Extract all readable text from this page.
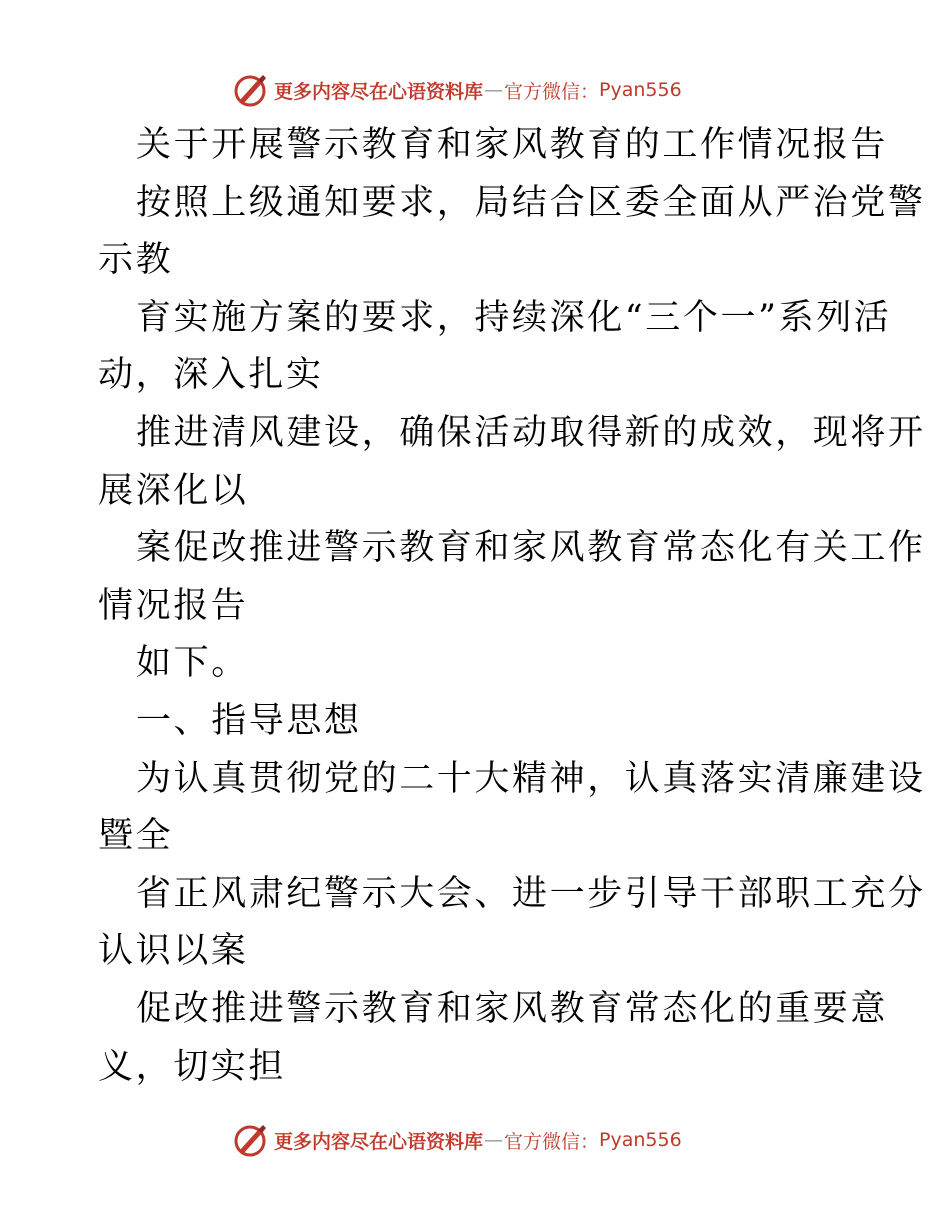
更多内容尽在心语资料库 — 官方微信： Pyan556

关于开展警示教育和家风教育的工作情况报告

按照上级通知要求，局结合区委全面从严治党警

示教

育实施方案的要求，持续深化“三个一”系列活

动，深入扎实

推进清风建设，确保活动取得新的成效，现将开

展深化以

案促改推进警示教育和家风教育常态化有关工作

情况报告

如下。

一、指导思想

为认真贯彻党的二十大精神，认真落实清廉建设

暨全

省正风肃纪警示大会、进一步引导干部职工充分

认识以案

促改推进警示教育和家风教育常态化的重要意

义，切实担

更多内容尽在心语资料库 — 官方微信： Pyan556
